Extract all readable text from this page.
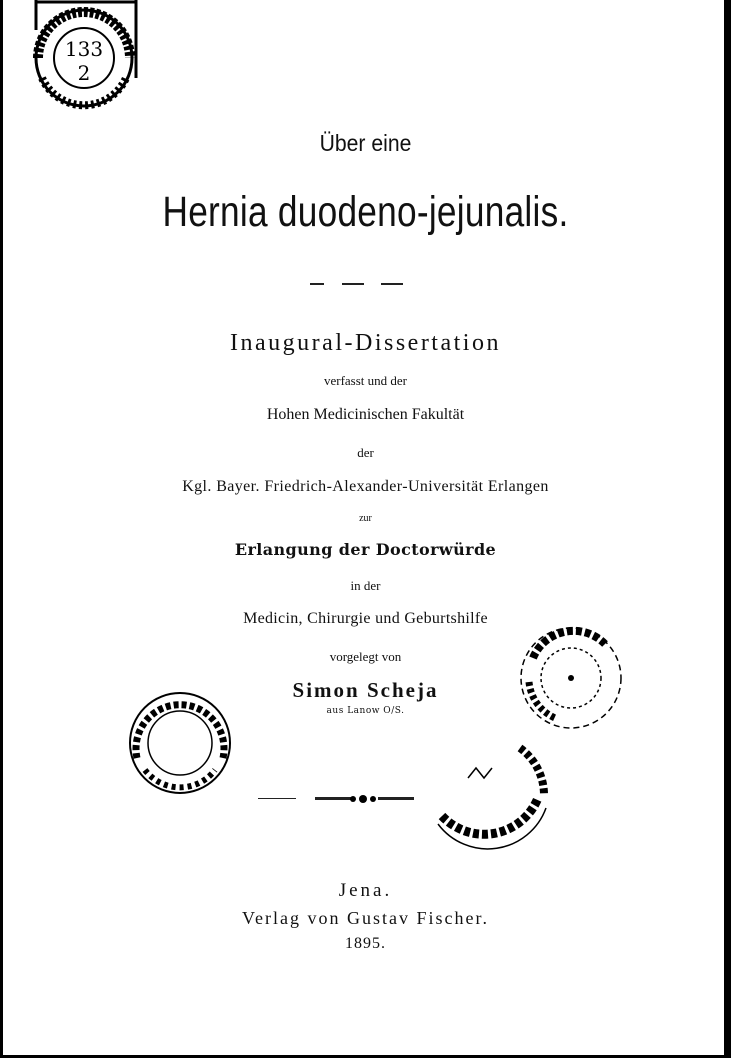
133
2
Über eine
Hernia duodeno-jejunalis.
Inaugural-Dissertation
verfasst und der
Hohen Medicinischen Fakultät
der
Kgl. Bayer. Friedrich-Alexander-Universität Erlangen
zur
Erlangung der Doctorwürde
in der
Medicin, Chirurgie und Geburtshilfe
vorgelegt von
Simon Scheja
aus Lanow O/S.
Jena.
Verlag von Gustav Fischer.
1895.
